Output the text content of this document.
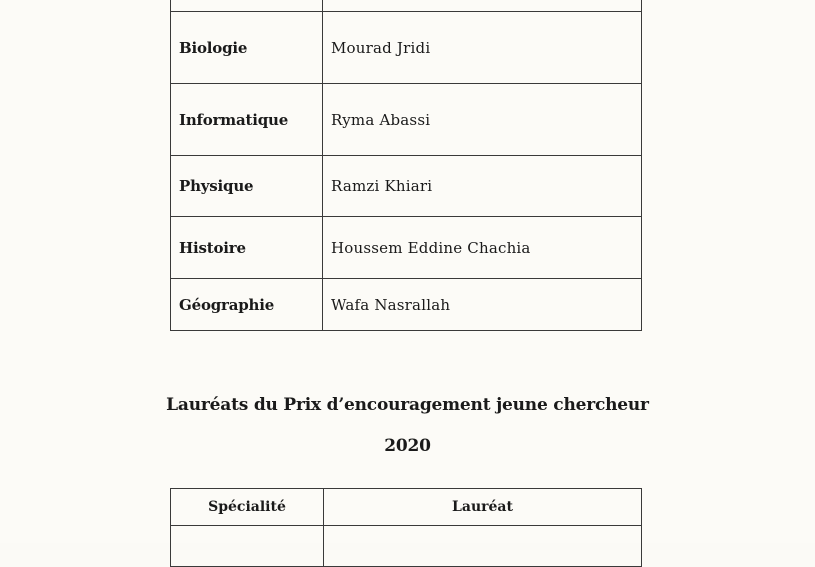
Biologie	Mourad Jridi
Informatique	Ryma Abassi
Physique	Ramzi Khiari
Histoire	Houssem Eddine Chachia
Géographie	Wafa Nasrallah
Lauréats du Prix d’encouragement jeune chercheur
2020
Spécialité	Lauréat
